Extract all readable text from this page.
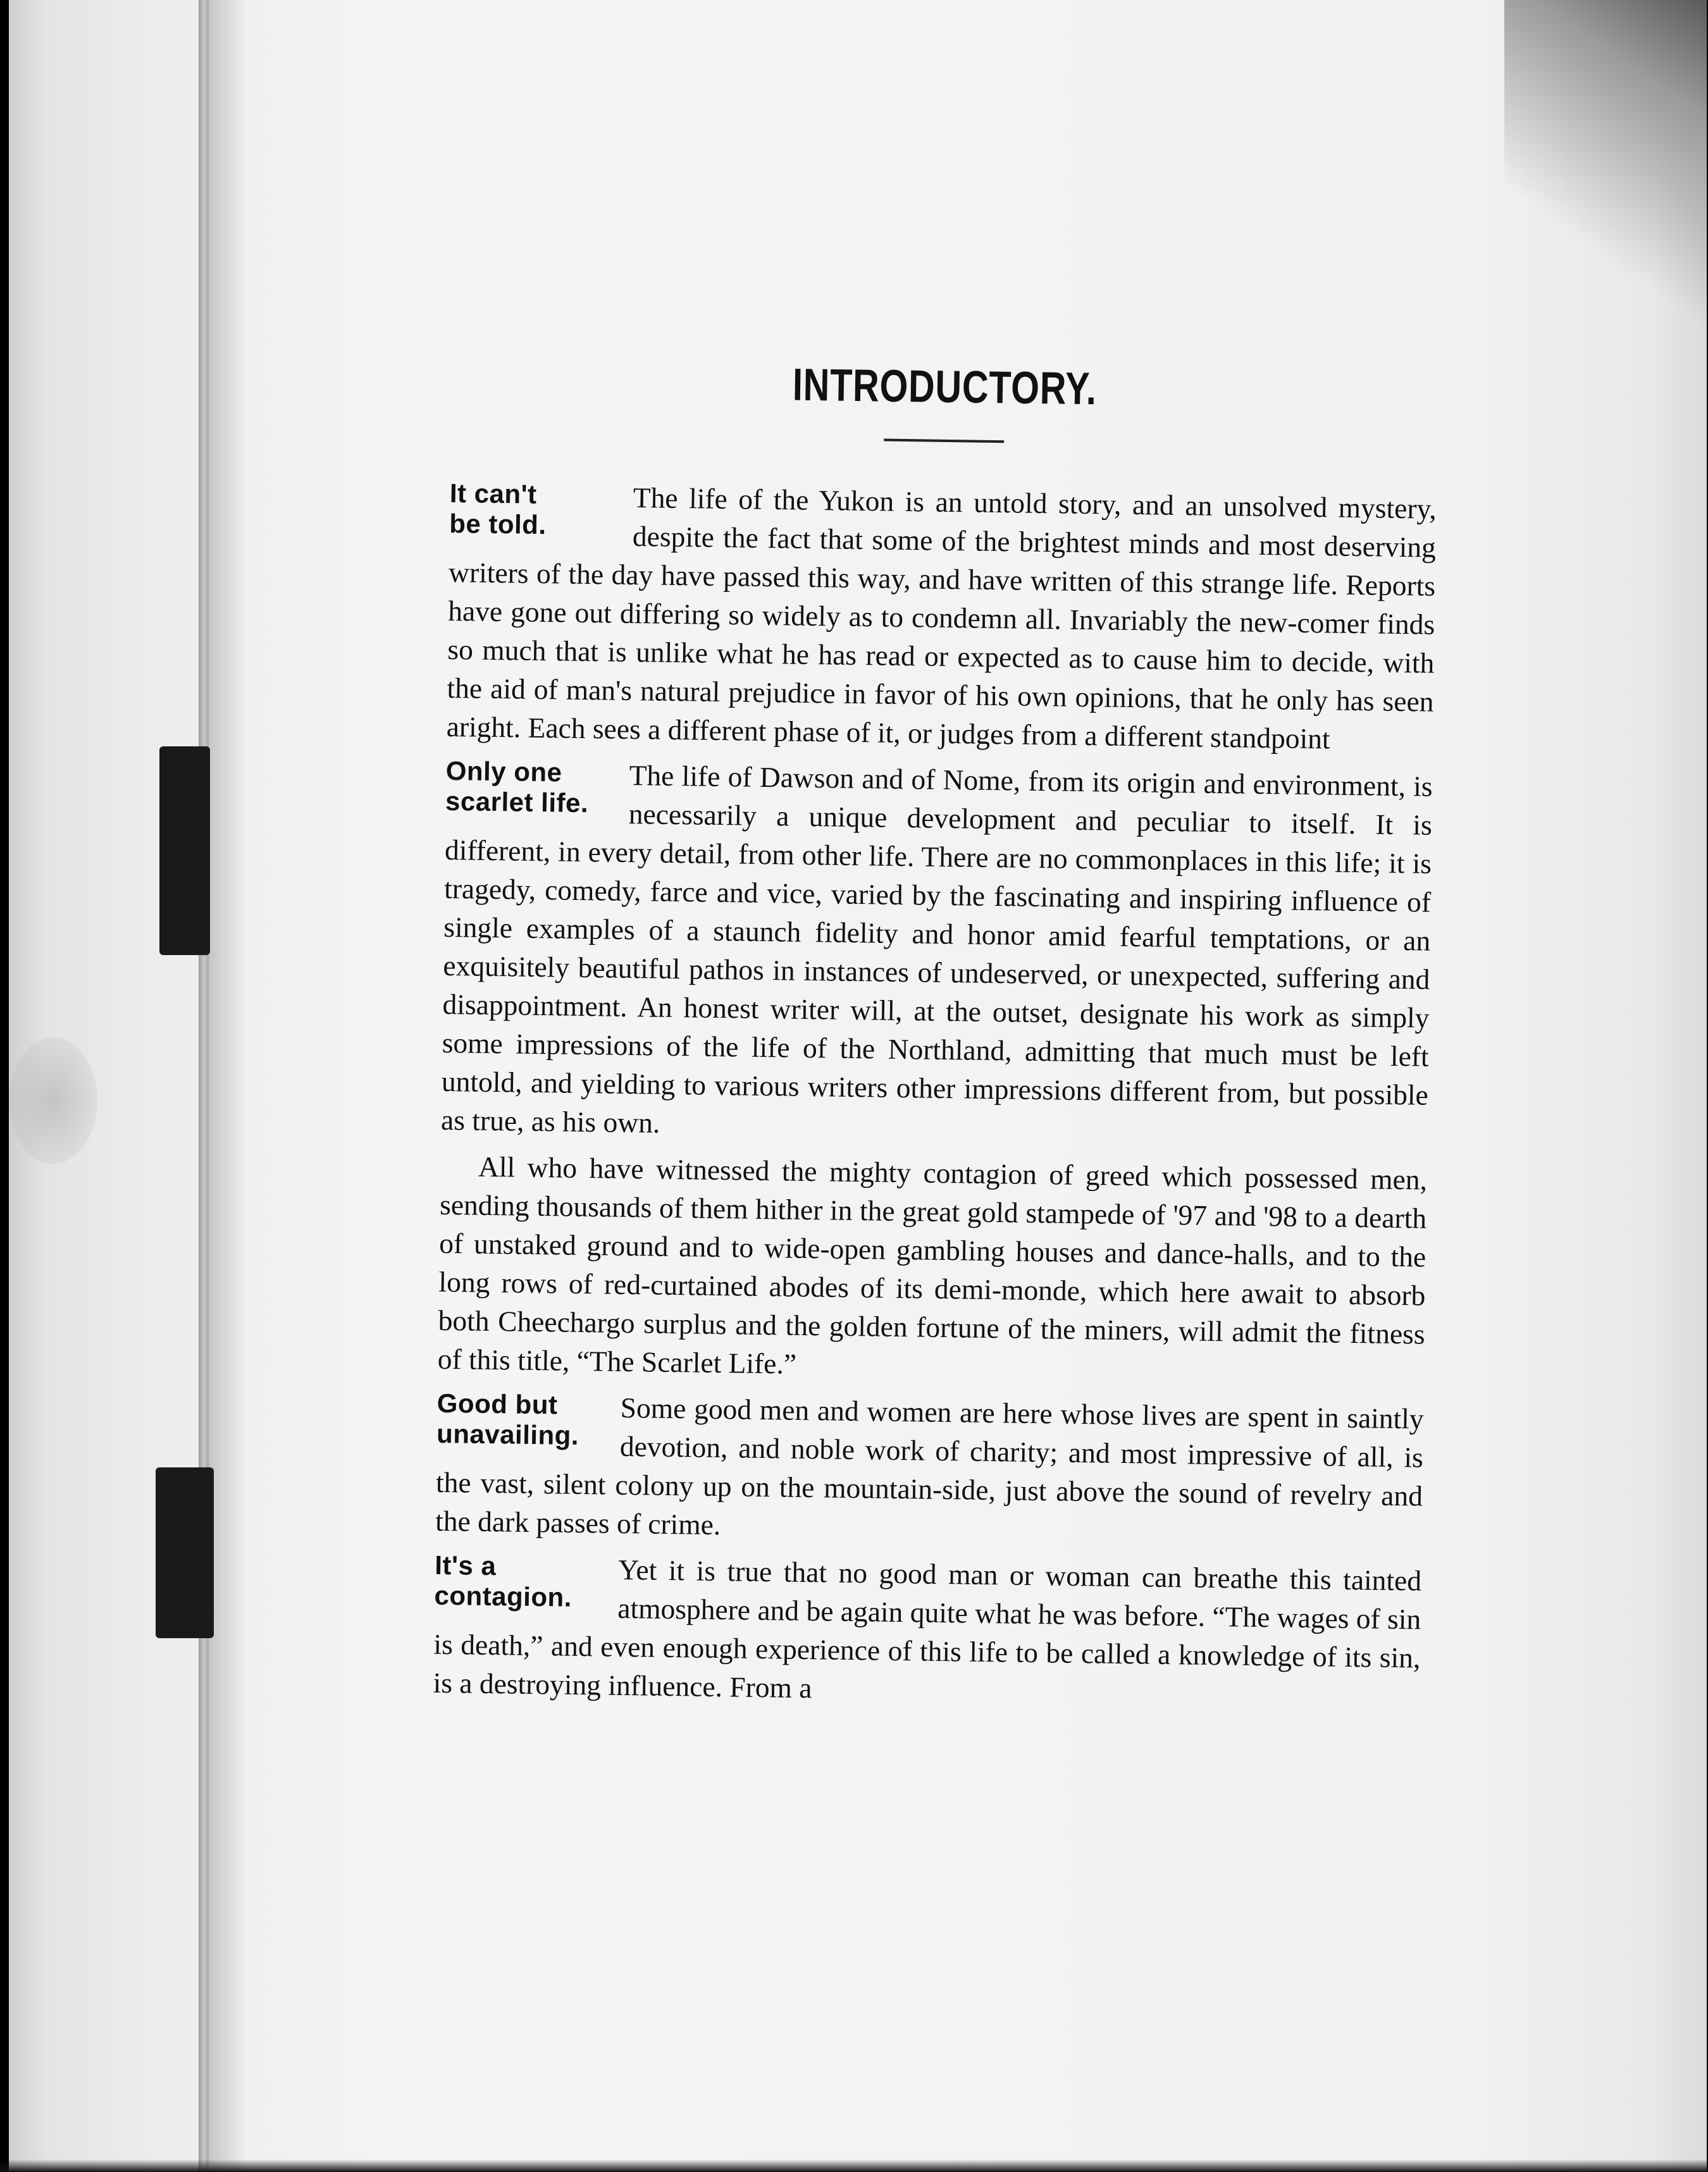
INTRODUCTORY.
It can't
be told.	The life of the Yukon is an untold story, and an unsolved mystery, despite the fact that some of the brightest minds and most deserving writers of the day have passed this way, and have written of this strange life. Reports have gone out differing so widely as to condemn all. Invariably the new-comer finds so much that is unlike what he has read or expected as to cause him to decide, with the aid of man's natural prejudice in favor of his own opinions, that he only has seen aright. Each sees a different phase of it, or judges from a different standpoint

Only one
scarlet life.	The life of Dawson and of Nome, from its origin and environment, is necessarily a unique development and peculiar to itself. It is different, in every detail, from other life. There are no commonplaces in this life; it is tragedy, comedy, farce and vice, varied by the fascinating and inspiring influence of single examples of a staunch fidelity and honor amid fearful temptations, or an exquisitely beautiful pathos in instances of undeserved, or unexpected, suffering and disappointment. An honest writer will, at the outset, designate his work as simply some impressions of the life of the Northland, admitting that much must be left untold, and yielding to various writers other impressions different from, but possible as true, as his own.

All who have witnessed the mighty contagion of greed which possessed men, sending thousands of them hither in the great gold stampede of '97 and '98 to a dearth of unstaked ground and to wide-open gambling houses and dance-halls, and to the long rows of red-curtained abodes of its demi-monde, which here await to absorb both Cheechargo surplus and the golden fortune of the miners, will admit the fitness of this title, “The Scarlet Life.”

Good but
unavailing.	Some good men and women are here whose lives are spent in saintly devotion, and noble work of charity; and most impressive of all, is the vast, silent colony up on the mountain-side, just above the sound of revelry and the dark passes of crime.

It's a
contagion.	Yet it is true that no good man or woman can breathe this tainted atmosphere and be again quite what he was before. “The wages of sin is death,” and even enough experience of this life to be called a knowledge of its sin, is a destroying influence. From a
